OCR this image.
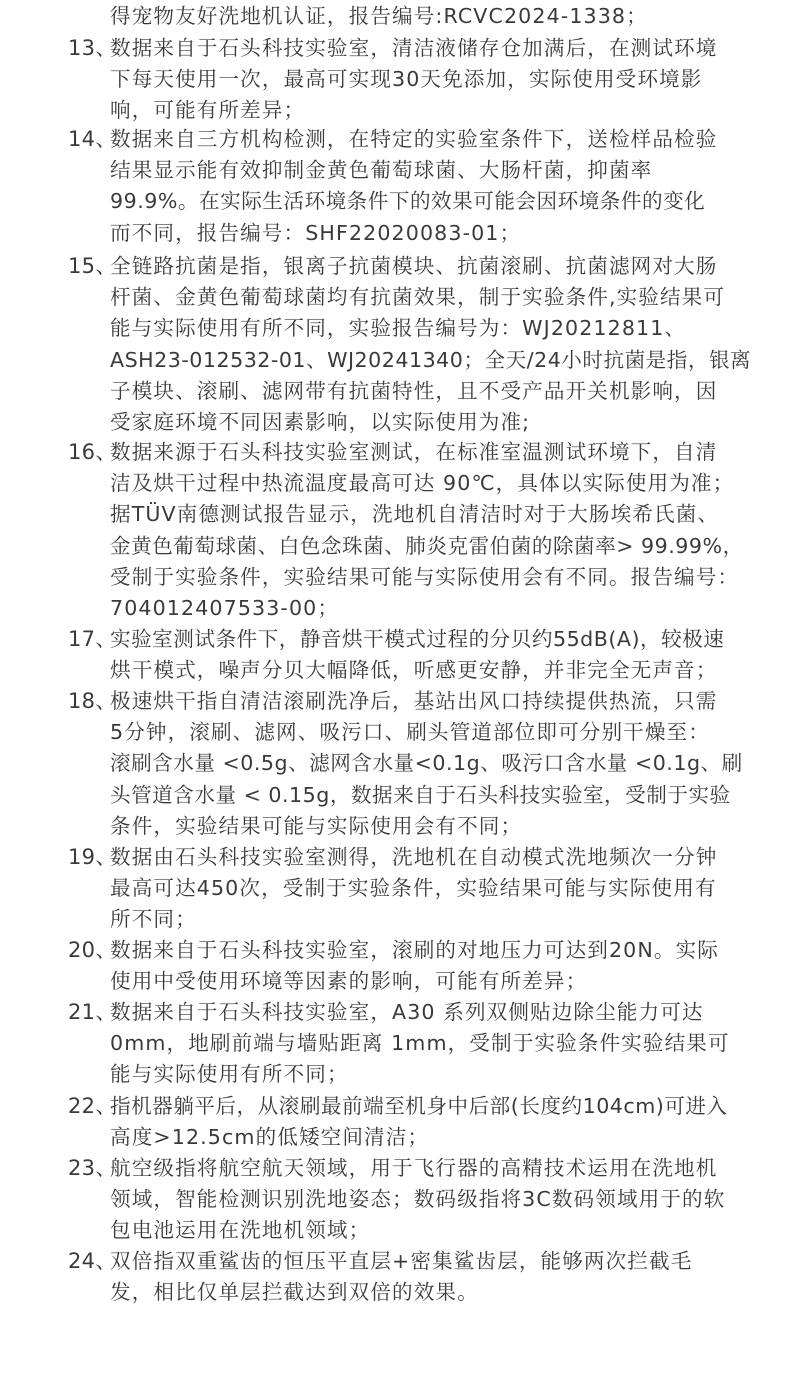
得宠物友好洗地机认证，报告编号:RCVC2024-1338；
13、
数据来自于石头科技实验室，清洁液储存仓加满后，在测试环境
下每天使用一次，最高可实现30天免添加，实际使用受环境影
响，可能有所差异；
14、
数据来自三方机构检测，在特定的实验室条件下，送检样品检验
结果显示能有效抑制金黄色葡萄球菌、大肠杆菌，抑菌率
99.9%。在实际生活环境条件下的效果可能会因环境条件的变化
而不同，报告编号：SHF22020083-01；
15、
全链路抗菌是指，银离子抗菌模块、抗菌滚刷、抗菌滤网对大肠
杆菌、金黄色葡萄球菌均有抗菌效果，制于实验条件,实验结果可
能与实际使用有所不同，实验报告编号为：WJ20212811、
ASH23-012532-01、WJ20241340；全天/24小时抗菌是指，银离
子模块、滚刷、滤网带有抗菌特性，且不受产品开关机影响，因
受家庭环境不同因素影响，以实际使用为准;
16、
数据来源于石头科技实验室测试，在标准室温测试环境下，自清
洁及烘干过程中热流温度最高可达 90℃，具体以实际使用为准；
据TÜV南德测试报告显示，洗地机自清洁时对于大肠埃希氏菌、
金黄色葡萄球菌、白色念珠菌、肺炎克雷伯菌的除菌率> 99.99%，
受制于实验条件，实验结果可能与实际使用会有不同。报告编号：
704012407533-00；
17、
实验室测试条件下，静音烘干模式过程的分贝约55dB(A)，较极速
烘干模式，噪声分贝大幅降低，听感更安静，并非完全无声音；
18、
极速烘干指自清洁滚刷洗净后，基站出风口持续提供热流，只需
5分钟，滚刷、滤网、吸污口、刷头管道部位即可分别干燥至：
滚刷含水量 <0.5g、滤网含水量<0.1g、吸污口含水量 <0.1g、刷
头管道含水量 < 0.15g，数据来自于石头科技实验室，受制于实验
条件，实验结果可能与实际使用会有不同；
19、
数据由石头科技实验室测得，洗地机在自动模式洗地频次一分钟
最高可达450次，受制于实验条件，实验结果可能与实际使用有
所不同；
20、
数据来自于石头科技实验室，滚刷的对地压力可达到20N。实际
使用中受使用环境等因素的影响，可能有所差异；
21、
数据来自于石头科技实验室，A30 系列双侧贴边除尘能力可达
0mm，地刷前端与墙贴距离 1mm，受制于实验条件实验结果可
能与实际使用有所不同；
22、
指机器躺平后，从滚刷最前端至机身中后部(长度约104cm)可进入
高度>12.5cm的低矮空间清洁；
23、
航空级指将航空航天领域，用于飞行器的高精技术运用在洗地机
领域，智能检测识别洗地姿态；数码级指将3C数码领域用于的软
包电池运用在洗地机领域；
24、
双倍指双重鲨齿的恒压平直层+密集鲨齿层，能够两次拦截毛
发，相比仅单层拦截达到双倍的效果。
